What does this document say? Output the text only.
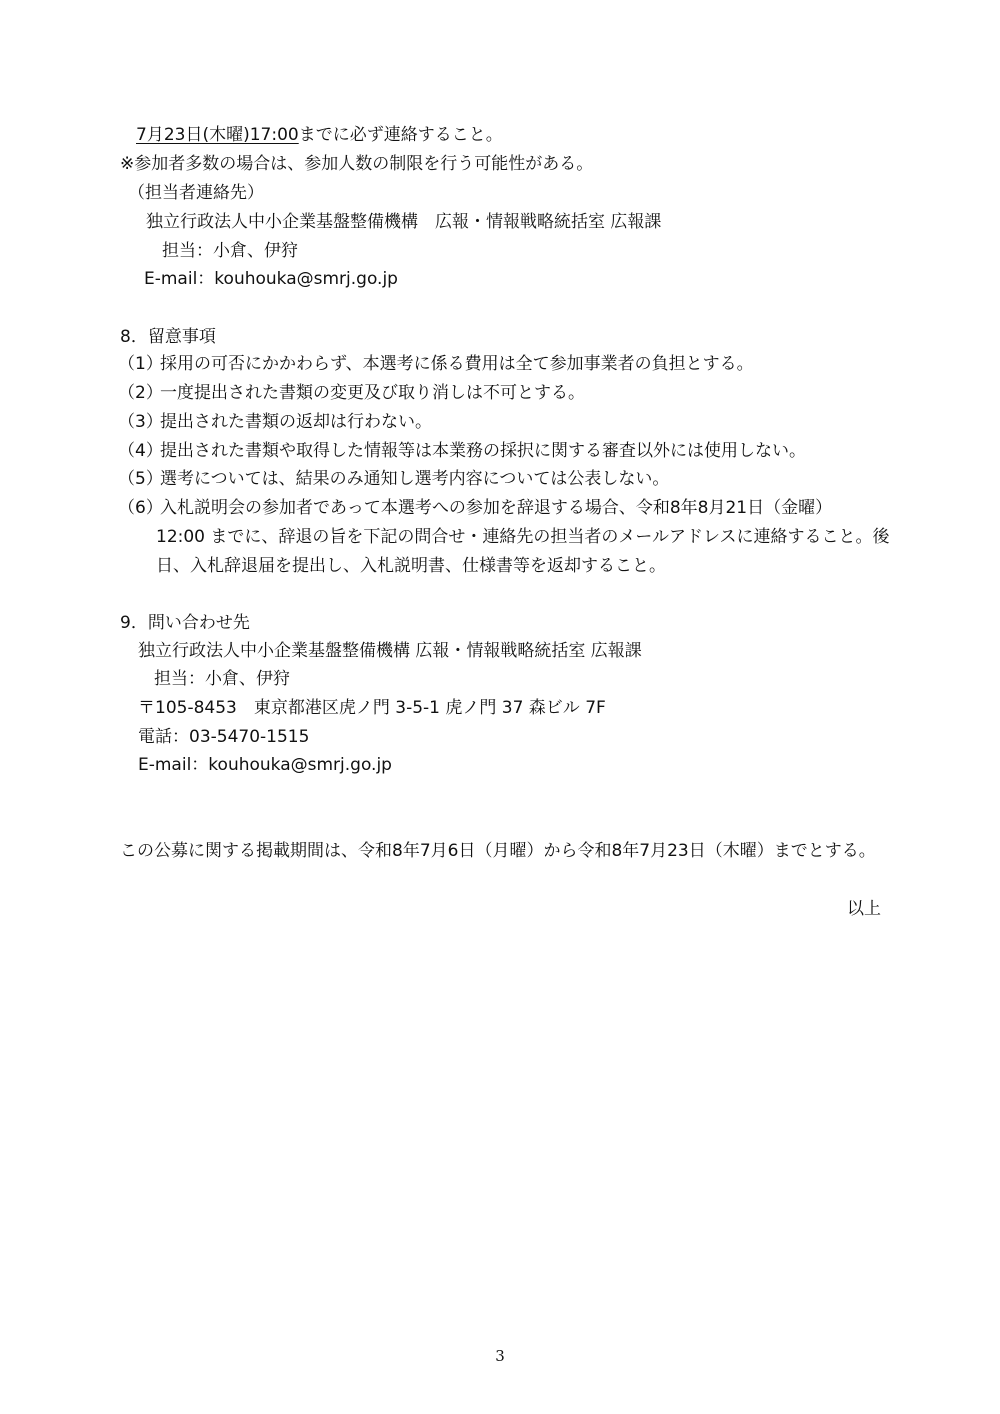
7月23日(木曜)17:00までに必ず連絡すること。
※参加者多数の場合は、参加人数の制限を行う可能性がある。
（担当者連絡先）
独立行政法人中小企業基盤整備機構　広報・情報戦略統括室 広報課
担当：小倉、伊狩
E-mail：kouhouka@smrj.go.jp
8．留意事項
（1）採用の可否にかかわらず、本選考に係る費用は全て参加事業者の負担とする。
（2）一度提出された書類の変更及び取り消しは不可とする。
（3）提出された書類の返却は行わない。
（4）提出された書類や取得した情報等は本業務の採択に関する審査以外には使用しない。
（5）選考については、結果のみ通知し選考内容については公表しない。
（6）入札説明会の参加者であって本選考への参加を辞退する場合、令和8年8月21日（金曜）
12:00 までに、辞退の旨を下記の問合せ・連絡先の担当者のメールアドレスに連絡すること。後
日、入札辞退届を提出し、入札説明書、仕様書等を返却すること。
9．問い合わせ先
独立行政法人中小企業基盤整備機構 広報・情報戦略統括室 広報課
担当：小倉、伊狩
〒105-8453　東京都港区虎ノ門 3-5-1 虎ノ門 37 森ビル 7F
電話：03-5470-1515
E-mail：kouhouka@smrj.go.jp
この公募に関する掲載期間は、令和8年7月6日（月曜）から令和8年7月23日（木曜）までとする。
以上
3
